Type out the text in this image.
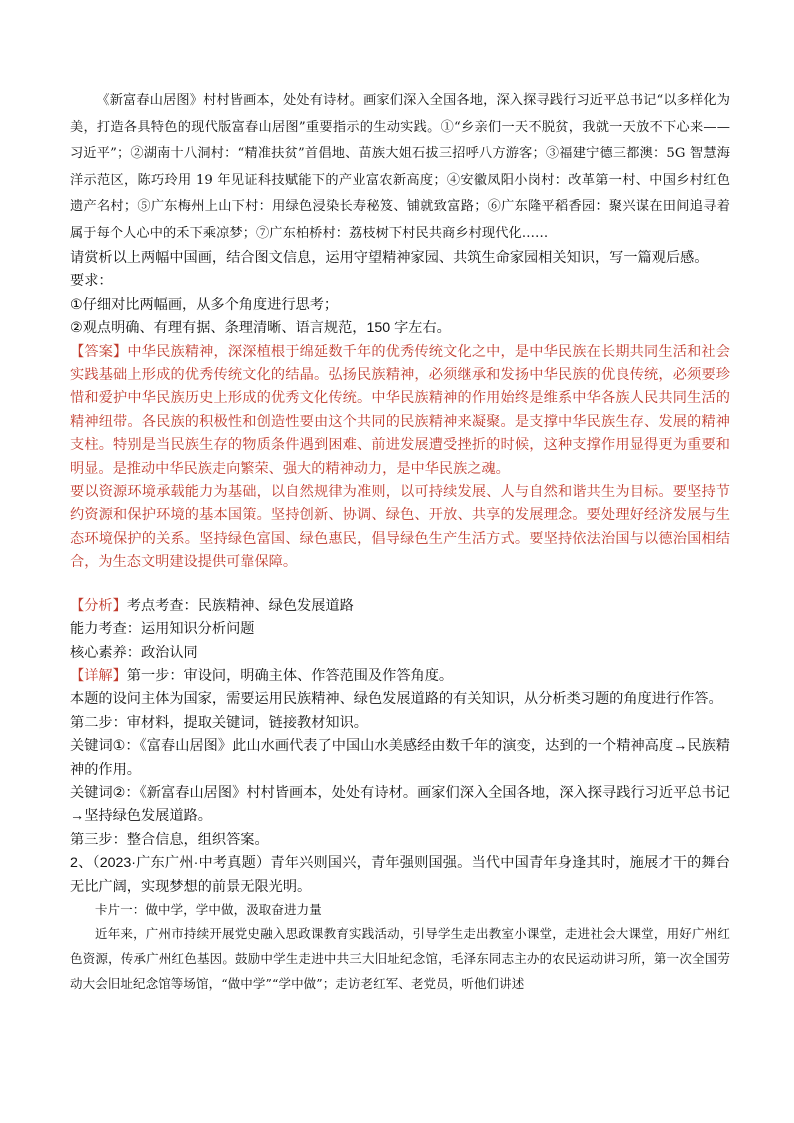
《新富春山居图》村村皆画本，处处有诗材。画家们深入全国各地，深入探寻践行习近平总书记“以多样化为美，打造各具特色的现代版富春山居图”重要指示的生动实践。①“乡亲们一天不脱贫，我就一天放不下心来——习近平”；②湖南十八洞村：“精准扶贫”首倡地、苗族大姐石拔三招呼八方游客；③福建宁德三都澳：5G 智慧海洋示范区，陈巧玲用 19 年见证科技赋能下的产业富农新高度；④安徽凤阳小岗村：改革第一村、中国乡村红色遗产名村；⑤广东梅州上山下村：用绿色浸染长寿秘笈、铺就致富路；⑥广东隆平稻香园：聚兴谋在田间追寻着属于每个人心中的禾下乘凉梦；⑦广东柏桥村：荔枝树下村民共商乡村现代化……

请赏析以上两幅中国画，结合图文信息，运用守望精神家园、共筑生命家园相关知识，写一篇观后感。

要求：

①仔细对比两幅画，从多个角度进行思考；

②观点明确、有理有据、条理清晰、语言规范，150 字左右。

【答案】中华民族精神，深深植根于绵延数千年的优秀传统文化之中，是中华民族在长期共同生活和社会实践基础上形成的优秀传统文化的结晶。弘扬民族精神，必须继承和发扬中华民族的优良传统，必须要珍惜和爱护中华民族历史上形成的优秀文化传统。中华民族精神的作用始终是维系中华各族人民共同生活的精神纽带。各民族的积极性和创造性要由这个共同的民族精神来凝聚。是支撑中华民族生存、发展的精神支柱。特别是当民族生存的物质条件遇到困难、前进发展遭受挫折的时候，这种支撑作用显得更为重要和明显。是推动中华民族走向繁荣、强大的精神动力，是中华民族之魂。

要以资源环境承载能力为基础，以自然规律为准则，以可持续发展、人与自然和谐共生为目标。要坚持节约资源和保护环境的基本国策。坚持创新、协调、绿色、开放、共享的发展理念。要处理好经济发展与生态环境保护的关系。坚持绿色富国、绿色惠民，倡导绿色生产生活方式。要坚持依法治国与以德治国相结合，为生态文明建设提供可靠保障。

【分析】考点考查：民族精神、绿色发展道路

能力考查：运用知识分析问题

核心素养：政治认同

【详解】第一步：审设问，明确主体、作答范围及作答角度。

本题的设问主体为国家，需要运用民族精神、绿色发展道路的有关知识，从分析类习题的角度进行作答。

第二步：审材料，提取关键词，链接教材知识。

关键词①：《富春山居图》此山水画代表了中国山水美感经由数千年的演变，达到的一个精神高度→民族精神的作用。

关键词②：《新富春山居图》村村皆画本，处处有诗材。画家们深入全国各地，深入探寻践行习近平总书记→坚持绿色发展道路。

第三步：整合信息，组织答案。

2、（2023·广东广州·中考真题）青年兴则国兴，青年强则国强。当代中国青年身逢其时，施展才干的舞台无比广阔，实现梦想的前景无限光明。

卡片一：做中学，学中做，汲取奋进力量

近年来，广州市持续开展党史融入思政课教育实践活动，引导学生走出教室小课堂，走进社会大课堂，用好广州红色资源，传承广州红色基因。鼓励中学生走进中共三大旧址纪念馆，毛泽东同志主办的农民运动讲习所，第一次全国劳动大会旧址纪念馆等场馆，“做中学”“学中做”；走访老红军、老党员，听他们讲述
